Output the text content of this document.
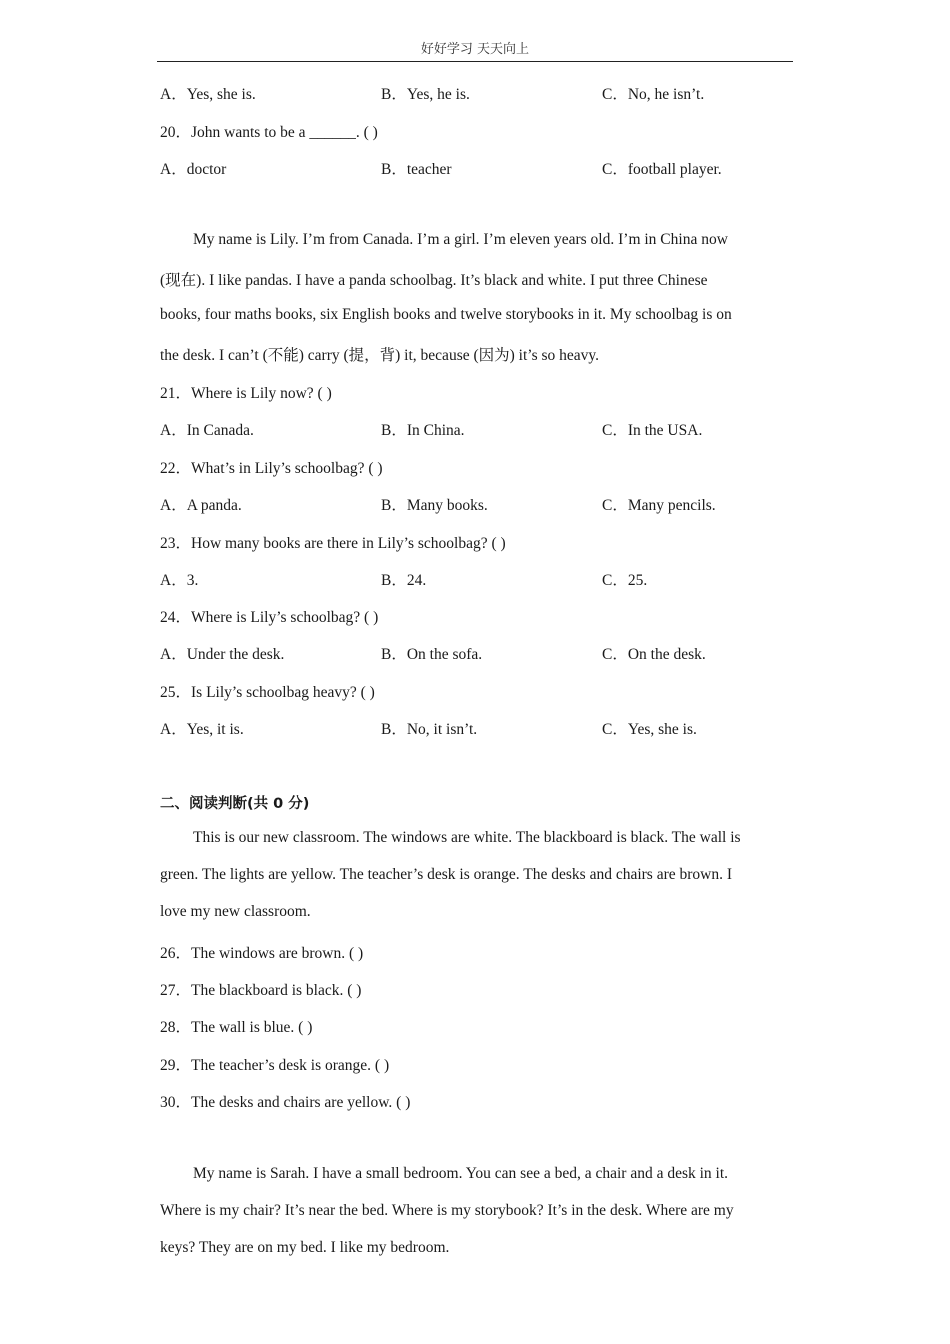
好好学习 天天向上
A．Yes, she is.	B．Yes, he is.	C．No, he isn’t.
20．John wants to be a ______. ( )
A．doctor	B．teacher	C．football player.
My name is Lily. I’m from Canada. I’m a girl. I’m eleven years old. I’m in China now
(现在). I like pandas. I have a panda schoolbag. It’s black and white. I put three Chinese
books, four maths books, six English books and twelve storybooks in it. My schoolbag is on
the desk. I can’t (不能) carry (提，背) it, because (因为) it’s so heavy.
21．Where is Lily now? ( )
A．In Canada.	B．In China.	C．In the USA.
22．What’s in Lily’s schoolbag? ( )
A．A panda.	B．Many books.	C．Many pencils.
23．How many books are there in Lily’s schoolbag? ( )
A．3.	B．24.	C．25.
24．Where is Lily’s schoolbag? ( )
A．Under the desk.	B．On the sofa.	C．On the desk.
25．Is Lily’s schoolbag heavy? ( )
A．Yes, it is.	B．No, it isn’t.	C．Yes, she is.
二、阅读判断(共 0 分)
This is our new classroom. The windows are white. The blackboard is black. The wall is
green. The lights are yellow. The teacher’s desk is orange. The desks and chairs are brown. I
love my new classroom.
26．The windows are brown. ( )
27．The blackboard is black. ( )
28．The wall is blue. ( )
29．The teacher’s desk is orange. ( )
30．The desks and chairs are yellow. ( )
My name is Sarah. I have a small bedroom. You can see a bed, a chair and a desk in it.
Where is my chair? It’s near the bed. Where is my storybook? It’s in the desk. Where are my
keys? They are on my bed. I like my bedroom.
